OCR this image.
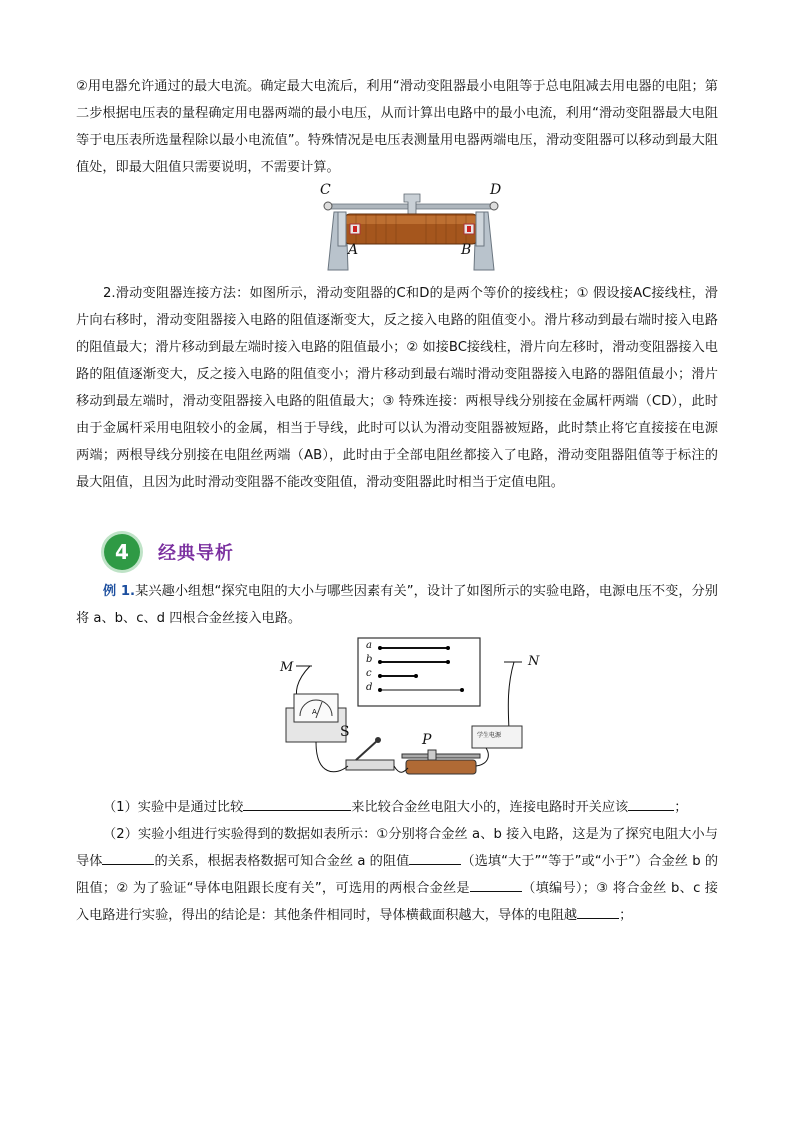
②用电器允许通过的最大电流。确定最大电流后，利用“滑动变阻器最小电阻等于总电阻减去用电器的电阻；第二步根据电压表的量程确定用电器两端的最小电压，从而计算出电路中的最小电流，利用“滑动变阻器最大电阻等于电压表所选量程除以最小电流值”。特殊情况是电压表测量用电器两端电压，滑动变阻器可以移动到最大阻值处，即最大阻值只需要说明，不需要计算。

C	D
A	B

2.滑动变阻器连接方法：如图所示，滑动变阻器的C和D的是两个等价的接线柱；① 假设接AC接线柱，滑片向右移时，滑动变阻器接入电路的阻值逐渐变大，反之接入电路的阻值变小。滑片移动到最右端时接入电路的阻值最大；滑片移动到最左端时接入电路的阻值最小；② 如接BC接线柱，滑片向左移时，滑动变阻器接入电路的阻值逐渐变大，反之接入电路的阻值变小；滑片移动到最右端时滑动变阻器接入电路的器阻值最小；滑片移动到最左端时，滑动变阻器接入电路的阻值最大；③ 特殊连接：两根导线分别接在金属杆两端（CD），此时由于金属杆采用电阻较小的金属，相当于导线，此时可以认为滑动变阻器被短路，此时禁止将它直接接在电源两端；两根导线分别接在电阻丝两端（AB），此时由于全部电阻丝都接入了电路，滑动变阻器阻值等于标注的最大阻值，且因为此时滑动变阻器不能改变阻值，滑动变阻器此时相当于定值电阻。

4	经典导析

例 1.某兴趣小组想“探究电阻的大小与哪些因素有关”，设计了如图所示的实验电路，电源电压不变，分别将 a、b、c、d 四根合金丝接入电路。

A
M	N
S	P
a
b
c
d
学生电源

（1）实验中是通过比较	来比较合金丝电阻大小的，连接电路时开关应该	；

（2）实验小组进行实验得到的数据如表所示：①分别将合金丝 a、b 接入电路，这是为了探究电阻大小与导体	的关系，根据表格数据可知合金丝 a 的阻值	（选填“大于”“等于”或“小于”）合金丝 b 的阻值；② 为了验证“导体电阻跟长度有关”，可选用的两根合金丝是	（填编号）；③ 将合金丝 b、c 接入电路进行实验，得出的结论是：其他条件相同时，导体横截面积越大，导体的电阻越	；
